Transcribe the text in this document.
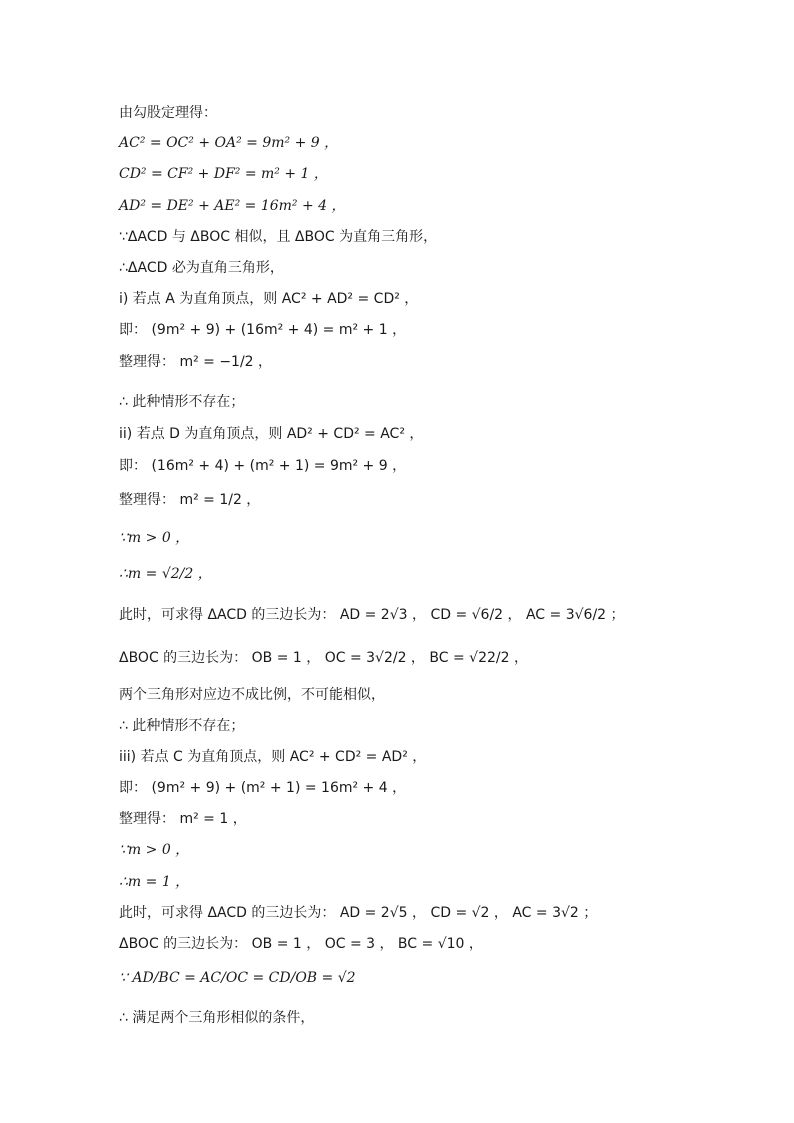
由勾股定理得：
AC² = OC² + OA² = 9m² + 9 ，
CD² = CF² + DF² = m² + 1 ，
AD² = DE² + AE² = 16m² + 4 ，
∵ΔACD 与 ΔBOC 相似，且 ΔBOC 为直角三角形，
∴ΔACD 必为直角三角形，
i) 若点 A 为直角顶点，则 AC² + AD² = CD² ，
即： (9m² + 9) + (16m² + 4) = m² + 1 ，
整理得： m² = −1/2 ，
∴ 此种情形不存在；
ii) 若点 D 为直角顶点，则 AD² + CD² = AC² ，
即： (16m² + 4) + (m² + 1) = 9m² + 9 ，
整理得： m² = 1/2 ，
∵m > 0 ，
∴m = √2/2 ，
此时，可求得 ΔACD 的三边长为： AD = 2√3 ， CD = √6/2 ， AC = 3√6/2 ；
ΔBOC 的三边长为： OB = 1 ， OC = 3√2/2 ， BC = √22/2 ，
两个三角形对应边不成比例，不可能相似，
∴ 此种情形不存在；
iii) 若点 C 为直角顶点，则 AC² + CD² = AD² ，
即： (9m² + 9) + (m² + 1) = 16m² + 4 ，
整理得： m² = 1 ，
∵m > 0 ，
∴m = 1 ，
此时，可求得 ΔACD 的三边长为： AD = 2√5 ， CD = √2 ， AC = 3√2 ；
ΔBOC 的三边长为： OB = 1 ， OC = 3 ， BC = √10 ，
∵ AD/BC = AC/OC = CD/OB = √2
∴ 满足两个三角形相似的条件，
